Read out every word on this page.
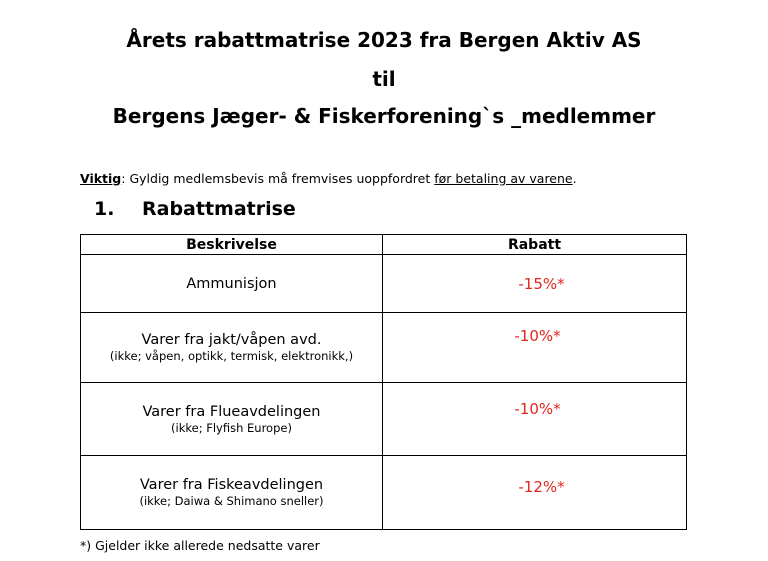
Årets rabattmatrise 2023 fra Bergen Aktiv AS
til
Bergens Jæger- & Fiskerforening`s _medlemmer
Viktig: Gyldig medlemsbevis må fremvises uoppfordret før betaling av varene.
1. Rabattmatrise
Beskrivelse	Rabatt
Ammunisjon	-15%*
Varer fra jakt/våpen avd.
(ikke; våpen, optikk, termisk, elektronikk,)	-10%*
Varer fra Flueavdelingen
(ikke; Flyfish Europe)	-10%*
Varer fra Fiskeavdelingen
(ikke; Daiwa & Shimano sneller)	-12%*
*) Gjelder ikke allerede nedsatte varer
